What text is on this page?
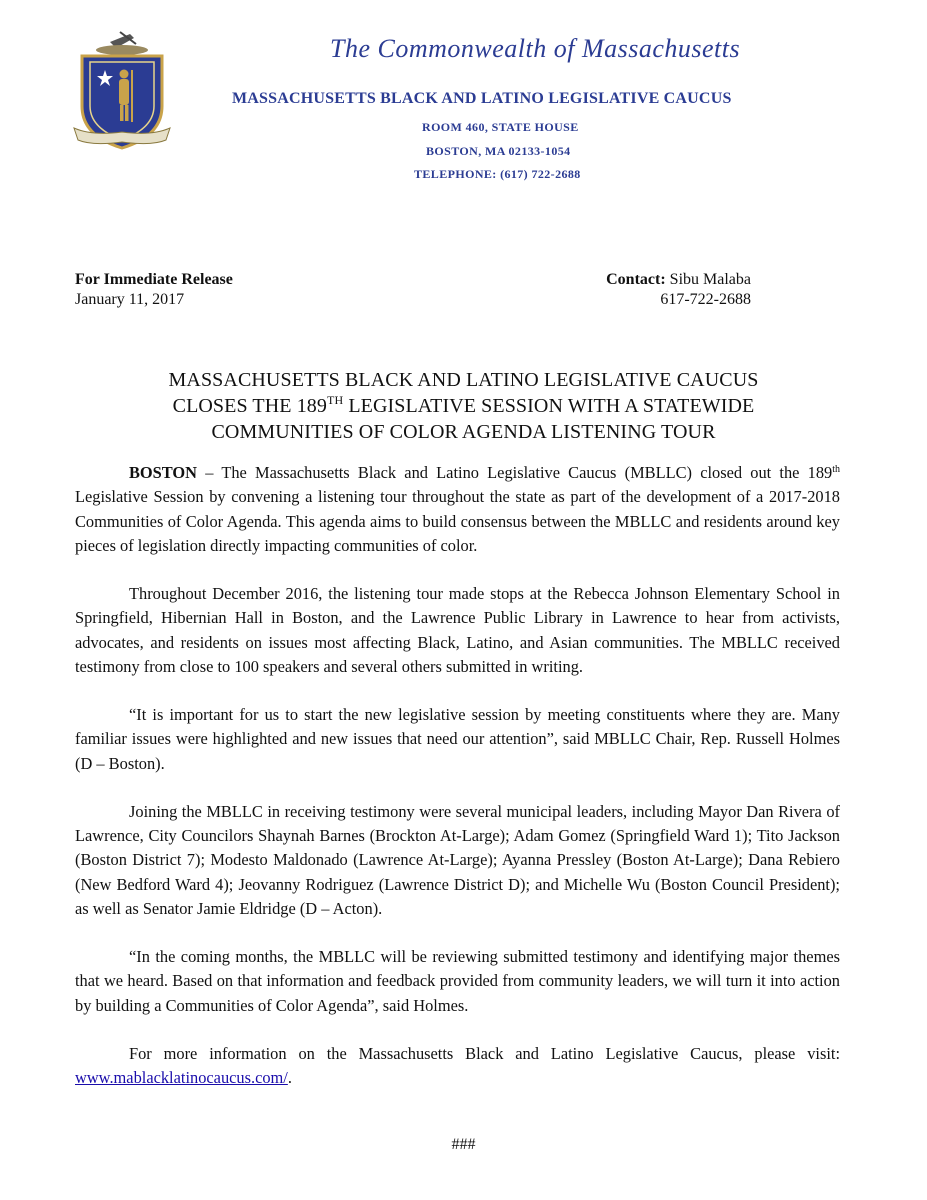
The Commonwealth of Massachusetts
MASSACHUSETTS BLACK AND LATINO LEGISLATIVE CAUCUS
ROOM 460, STATE HOUSE
BOSTON, MA 02133-1054
TELEPHONE: (617) 722-2688
For Immediate Release
January 11, 2017
Contact: Sibu Malaba
617-722-2688
MASSACHUSETTS BLACK AND LATINO LEGISLATIVE CAUCUS
CLOSES THE 189TH LEGISLATIVE SESSION WITH A STATEWIDE
COMMUNITIES OF COLOR AGENDA LISTENING TOUR

BOSTON – The Massachusetts Black and Latino Legislative Caucus (MBLLC) closed out the 189th Legislative Session by convening a listening tour throughout the state as part of the development of a 2017-2018 Communities of Color Agenda. This agenda aims to build consensus between the MBLLC and residents around key pieces of legislation directly impacting communities of color.

Throughout December 2016, the listening tour made stops at the Rebecca Johnson Elementary School in Springfield, Hibernian Hall in Boston, and the Lawrence Public Library in Lawrence to hear from activists, advocates, and residents on issues most affecting Black, Latino, and Asian communities. The MBLLC received testimony from close to 100 speakers and several others submitted in writing.

“It is important for us to start the new legislative session by meeting constituents where they are. Many familiar issues were highlighted and new issues that need our attention”, said MBLLC Chair, Rep. Russell Holmes (D – Boston).

Joining the MBLLC in receiving testimony were several municipal leaders, including Mayor Dan Rivera of Lawrence, City Councilors Shaynah Barnes (Brockton At-Large); Adam Gomez (Springfield Ward 1); Tito Jackson (Boston District 7); Modesto Maldonado (Lawrence At-Large); Ayanna Pressley (Boston At-Large); Dana Rebiero (New Bedford Ward 4); Jeovanny Rodriguez (Lawrence District D); and Michelle Wu (Boston Council President); as well as Senator Jamie Eldridge (D – Acton).

“In the coming months, the MBLLC will be reviewing submitted testimony and identifying major themes that we heard. Based on that information and feedback provided from community leaders, we will turn it into action by building a Communities of Color Agenda”, said Holmes.

For more information on the Massachusetts Black and Latino Legislative Caucus, please visit: www.mablacklatinocaucus.com/.

###
